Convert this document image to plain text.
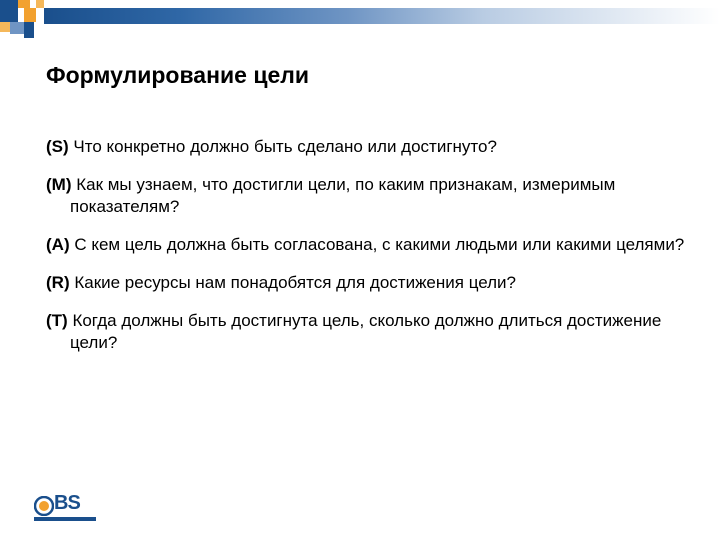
Формулирование цели
(S) Что конкретно должно быть сделано или достигнуто?
(M) Как мы узнаем, что достигли цели, по каким признакам, измеримым показателям?
(A) С кем цель должна быть согласована, с какими людьми или какими целями?
(R) Какие ресурсы нам понадобятся для достижения цели?
(T) Когда должны быть достигнута цель, сколько должно длиться достижение цели?
BS
